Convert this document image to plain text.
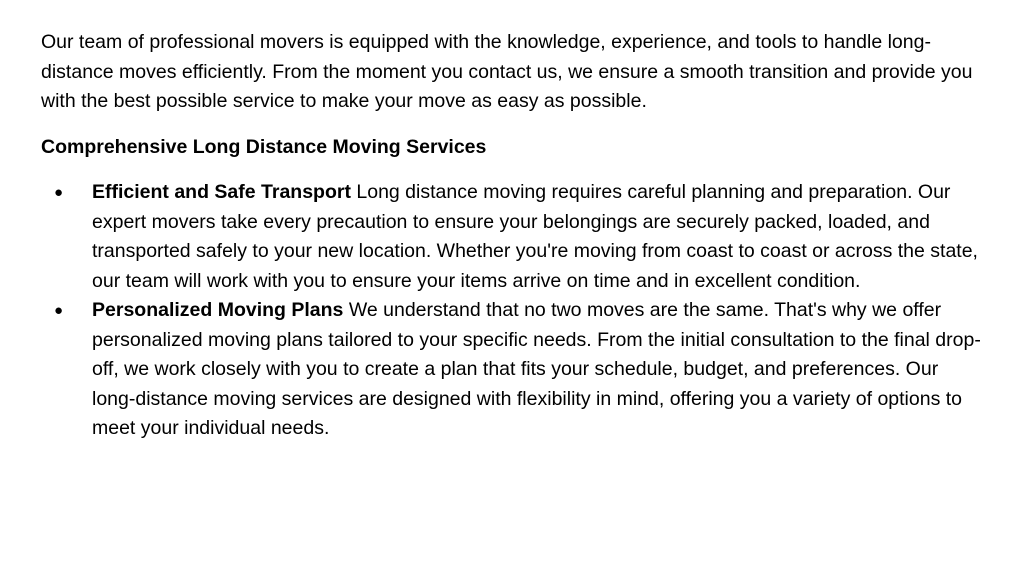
Our team of professional movers is equipped with the knowledge, experience, and tools to handle long-distance moves efficiently. From the moment you contact us, we ensure a smooth transition and provide you with the best possible service to make your move as easy as possible.

Comprehensive Long Distance Moving Services

● Efficient and Safe Transport Long distance moving requires careful planning and preparation. Our expert movers take every precaution to ensure your belongings are securely packed, loaded, and transported safely to your new location. Whether you're moving from coast to coast or across the state, our team will work with you to ensure your items arrive on time and in excellent condition.
● Personalized Moving Plans We understand that no two moves are the same. That's why we offer personalized moving plans tailored to your specific needs. From the initial consultation to the final drop-off, we work closely with you to create a plan that fits your schedule, budget, and preferences. Our long-distance moving services are designed with flexibility in mind, offering you a variety of options to meet your individual needs.
